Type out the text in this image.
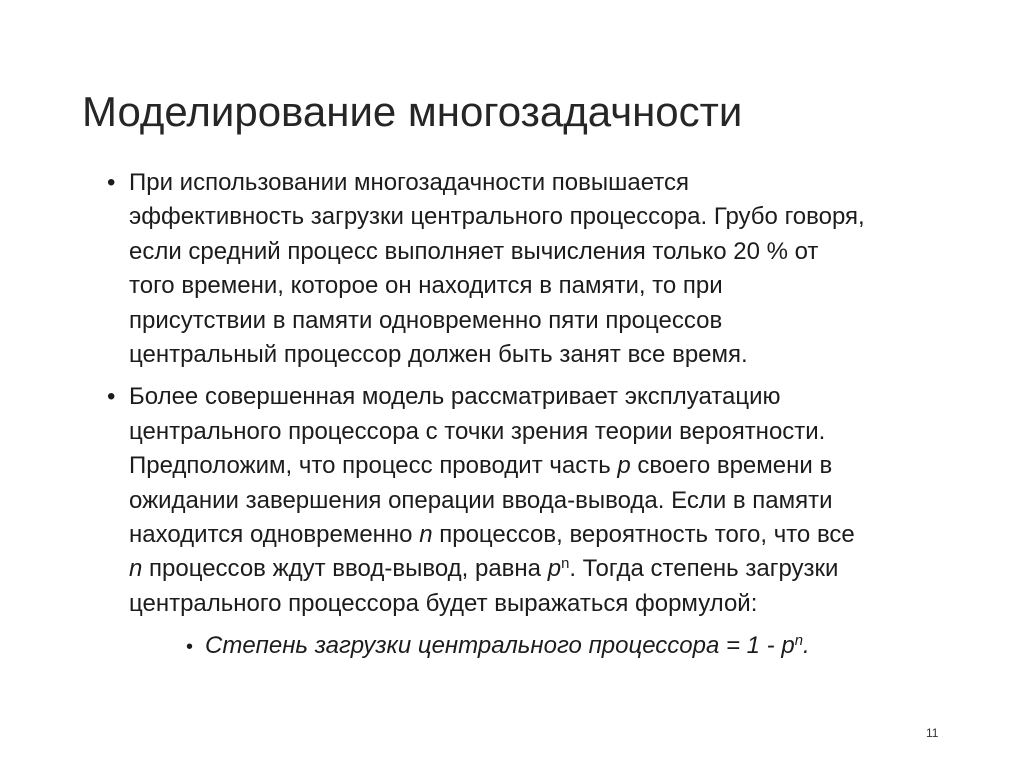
Моделирование многозадачности
• При использовании многозадачности повышается
эффективность загрузки центрального процессора. Грубо говоря,
если средний процесс выполняет вычисления только 20 % от
того времени, которое он находится в памяти, то при
присутствии в памяти одновременно пяти процессов
центральный процессор должен быть занят все время.
• Более совершенная модель рассматривает эксплуатацию
центрального процессора с точки зрения теории вероятности.
Предположим, что процесс проводит часть p своего времени в
ожидании завершения операции ввода-вывода. Если в памяти
находится одновременно n процессов, вероятность того, что все
n процессов ждут ввод-вывод, равна $p^n$. Тогда степень загрузки
центрального процессора будет выражаться формулой:
• Степень загрузки центрального процессора = $1 - p^n$.
11
